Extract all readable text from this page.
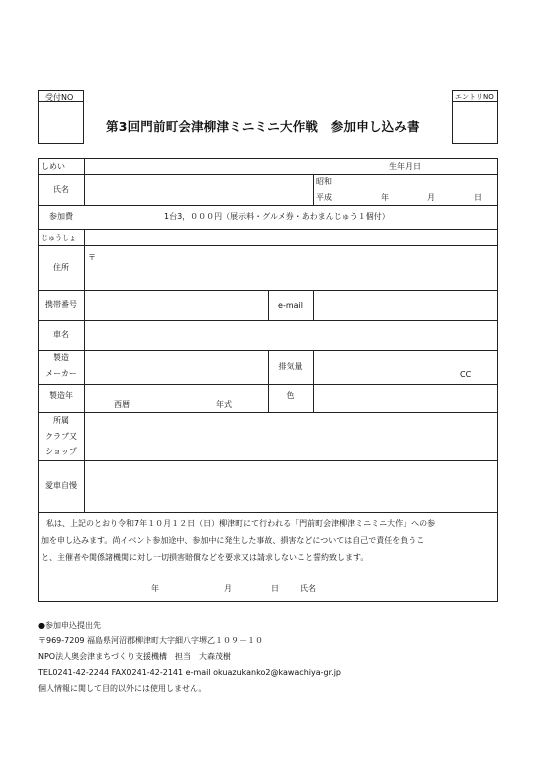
受付NO	エントリNO
第3回門前町会津柳津ミニミニ大作戦　参加申し込み書
しめい	生年月日
氏名
昭和
平成	年	月	日
参加費	1台3，０００円（展示料・グルメ券・あわまんじゅう１個付）
じゅうしょ
住所
〒
携帯番号	e-mail
車名
製造
メーカー
排気量
CC
製造年
西暦	年式
色
所属
クラブ又
ショップ
愛車自慢
私は、上記のとおり令和7年１０月１２日（日）柳津町にて行われる「門前町会津柳津ミニミニ大作」への参
加を申し込みます。尚イベント参加途中、参加中に発生した事故、損害などについては自己で責任を負うこ
と、主催者や関係諸機関に対し一切損害賠償などを要求又は請求しないこと誓約致します。
年	月	日	氏名
●参加申込提出先
〒969-7209 福島県河沼郡柳津町大字細八字堺乙１０９－１０
NPO法人奥会津まちづくり支援機構　担当　大森茂樹
TEL0241-42-2244 FAX0241-42-2141 e-mail okuazukanko2@kawachiya-gr.jp
個人情報に関して目的以外には使用しません。
